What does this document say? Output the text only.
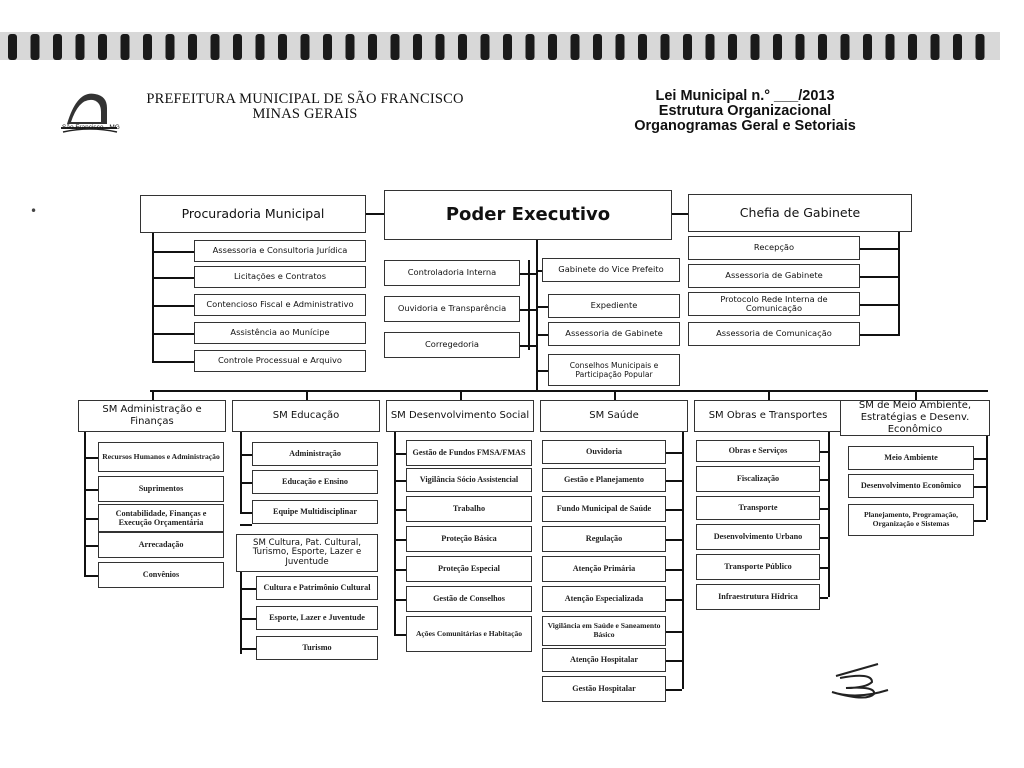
São Francisco - MG
PREFEITURA MUNICIPAL DE SÃO FRANCISCO
MINAS GERAIS
Lei Municipal n.° ___/2013
Estrutura Organizacional
Organogramas Geral e Setoriais
Procuradoria Municipal	Poder Executivo	Chefia de Gabinete
Assessoria e Consultoria Jurídica
Licitações e Contratos
Contencioso Fiscal e Administrativo
Assistência ao Munícipe
Controle Processual e Arquivo
Controladoria Interna
Ouvidoria e Transparência
Corregedoria
Gabinete do Vice Prefeito
Expediente
Assessoria de Gabinete
Conselhos Municipais e Participação Popular
Recepção
Assessoria de Gabinete
Protocolo Rede Interna de Comunicação
Assessoria de Comunicação
SM Administração e Finanças
SM Educação	SM Desenvolvimento Social	SM Saúde	SM Obras e Transportes
SM de Meio Ambiente, Estratégias e Desenv. Econômico
Recursos Humanos e Administração
Suprimentos
Contabilidade, Finanças e Execução Orçamentária
Arrecadação
Convênios
Administração
Educação e Ensino
Equipe Multidisciplinar
Gestão de Fundos FMSA/FMAS
Vigilância Sócio Assistencial
Trabalho
Proteção Básica
Proteção Especial
Gestão de Conselhos
Ações Comunitárias e Habitação
Ouvidoria
Gestão e Planejamento
Fundo Municipal de Saúde
Regulação
Atenção Primária
Atenção Especializada
Vigilância em Saúde e Saneamento Básico
Atenção Hospitalar
Gestão Hospitalar
Obras e Serviços
Fiscalização
Transporte
Desenvolvimento Urbano
Transporte Público
Infraestrutura Hídrica
Meio Ambiente
Desenvolvimento Econômico
Planejamento, Programação, Organização e Sistemas
SM Cultura, Pat. Cultural, Turismo, Esporte, Lazer e Juventude
Cultura e Patrimônio Cultural
Esporte, Lazer e Juventude
Turismo
•
